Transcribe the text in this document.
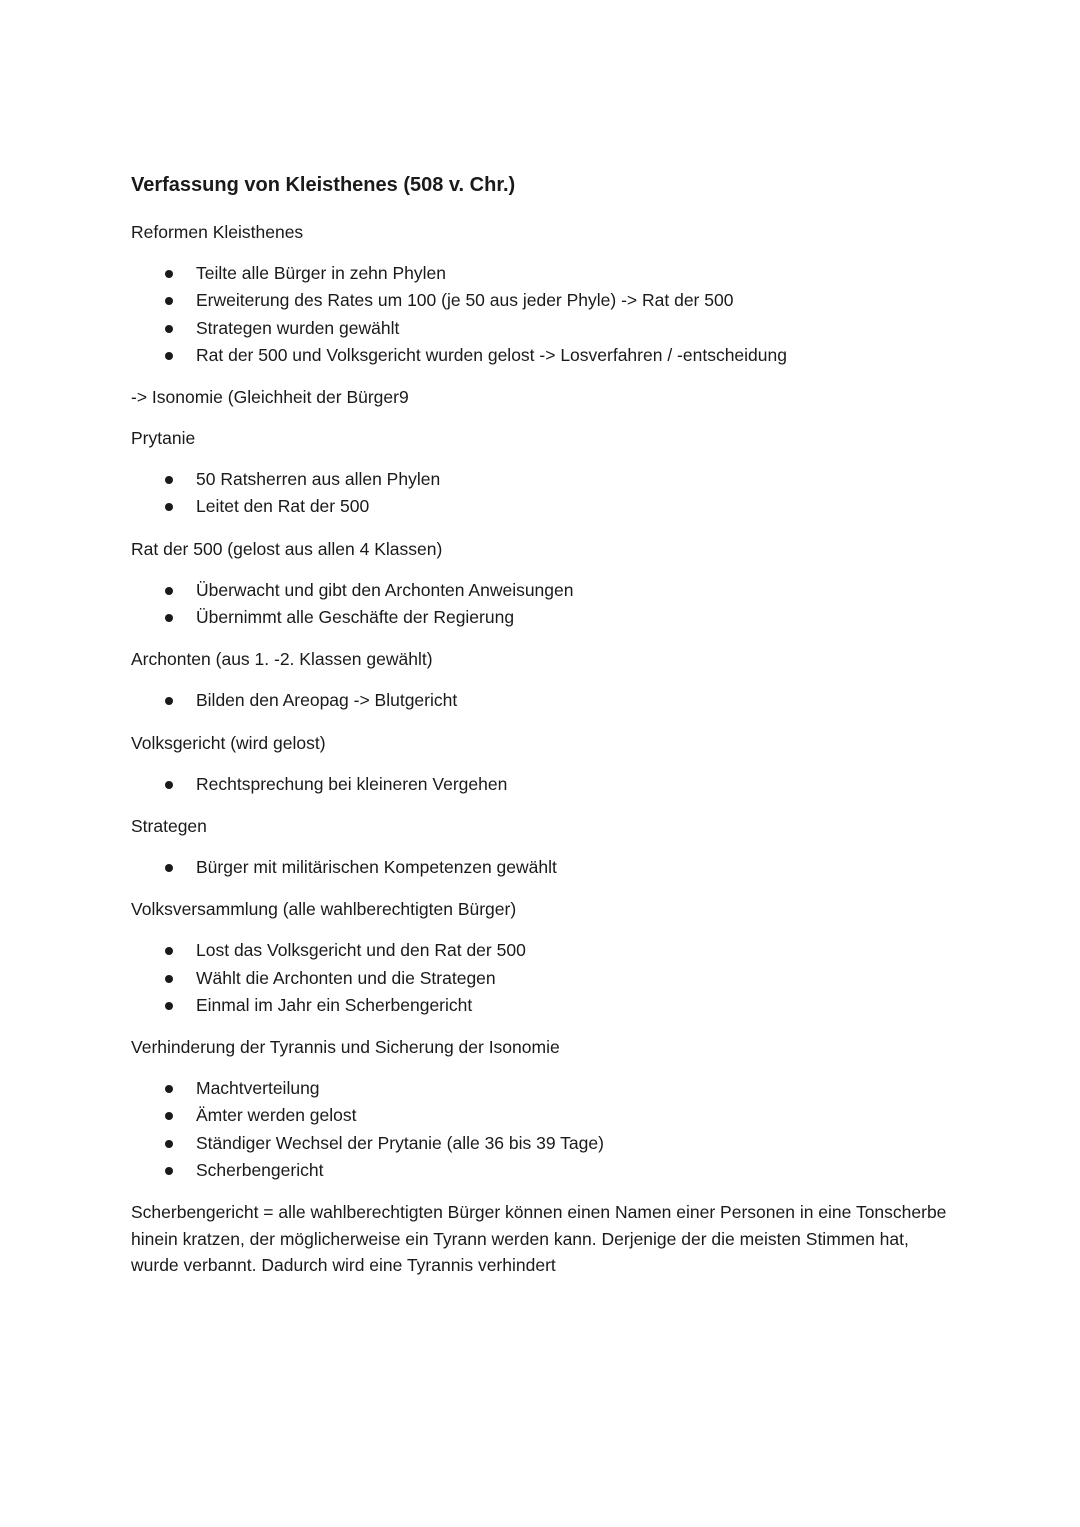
Verfassung von Kleisthenes (508 v. Chr.)
Reformen Kleisthenes
Teilte alle Bürger in zehn Phylen
Erweiterung des Rates um 100 (je 50 aus jeder Phyle) -> Rat der 500
Strategen wurden gewählt
Rat der 500 und Volksgericht wurden gelost -> Losverfahren / -entscheidung
-> Isonomie (Gleichheit der Bürger9
Prytanie
50 Ratsherren aus allen Phylen
Leitet den Rat der 500
Rat der 500 (gelost aus allen 4 Klassen)
Überwacht und gibt den Archonten Anweisungen
Übernimmt alle Geschäfte der Regierung
Archonten (aus 1. -2. Klassen gewählt)
Bilden den Areopag -> Blutgericht
Volksgericht (wird gelost)
Rechtsprechung bei kleineren Vergehen
Strategen
Bürger mit militärischen Kompetenzen gewählt
Volksversammlung (alle wahlberechtigten Bürger)
Lost das Volksgericht und den Rat der 500
Wählt die Archonten und die Strategen
Einmal im Jahr ein Scherbengericht
Verhinderung der Tyrannis und Sicherung der Isonomie
Machtverteilung
Ämter werden gelost
Ständiger Wechsel der Prytanie (alle 36 bis 39 Tage)
Scherbengericht

Scherbengericht = alle wahlberechtigten Bürger können einen Namen einer Personen in eine Tonscherbe hinein kratzen, der möglicherweise ein Tyrann werden kann. Derjenige der die meisten Stimmen hat, wurde verbannt. Dadurch wird eine Tyrannis verhindert
